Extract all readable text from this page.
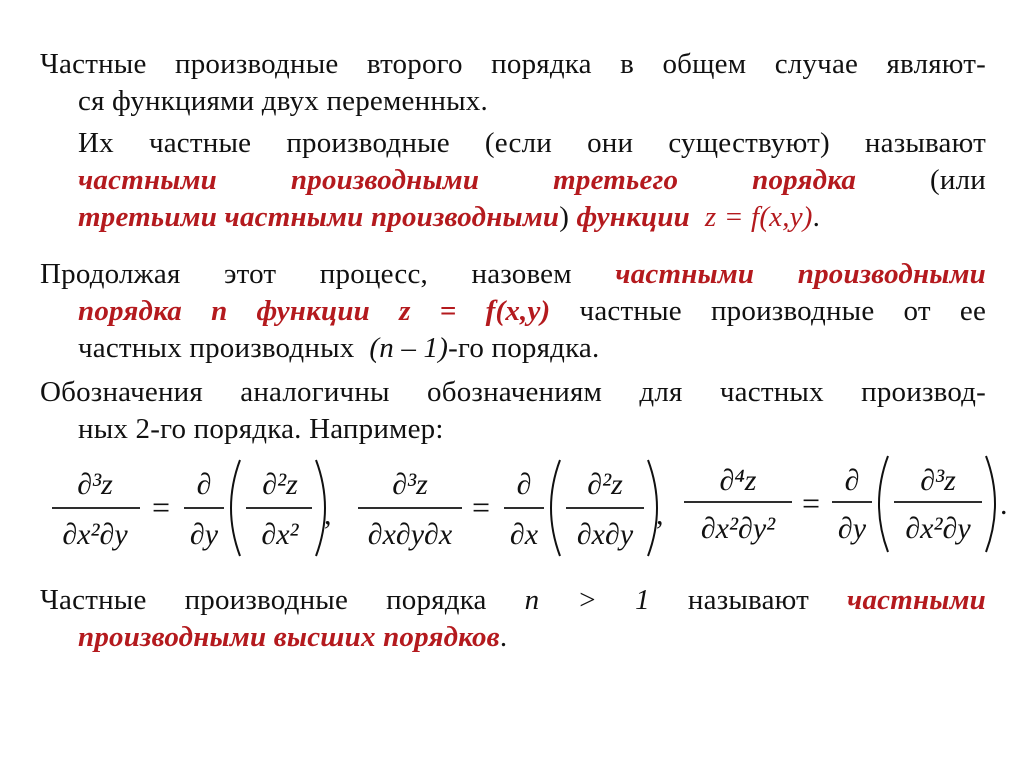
Частные производные второго порядка в общем случае являют-
ся функциями двух переменных.
Их частные производные (если они существуют) называют
частными производными третьего порядка	(или
третьими частными производными) функции z = f(x,y).
Продолжая этот процесс, назовем частными производными
порядка n функции z = f(x,y) частные производные от ее
частных производных (n – 1)-го порядка.
Обозначения аналогичны обозначениям для частных производ-
ных 2-го порядка. Например:
∂³z
∂x²∂y
=
∂
∂y
∂²z
∂x²
,
∂³z
∂x∂y∂x
=
∂
∂x
∂²z
∂x∂y
,
∂⁴z
∂x²∂y²
=
∂
∂y
∂³z
∂x²∂y
.
Частные производные порядка n > 1 называют частными
производными высших порядков.
